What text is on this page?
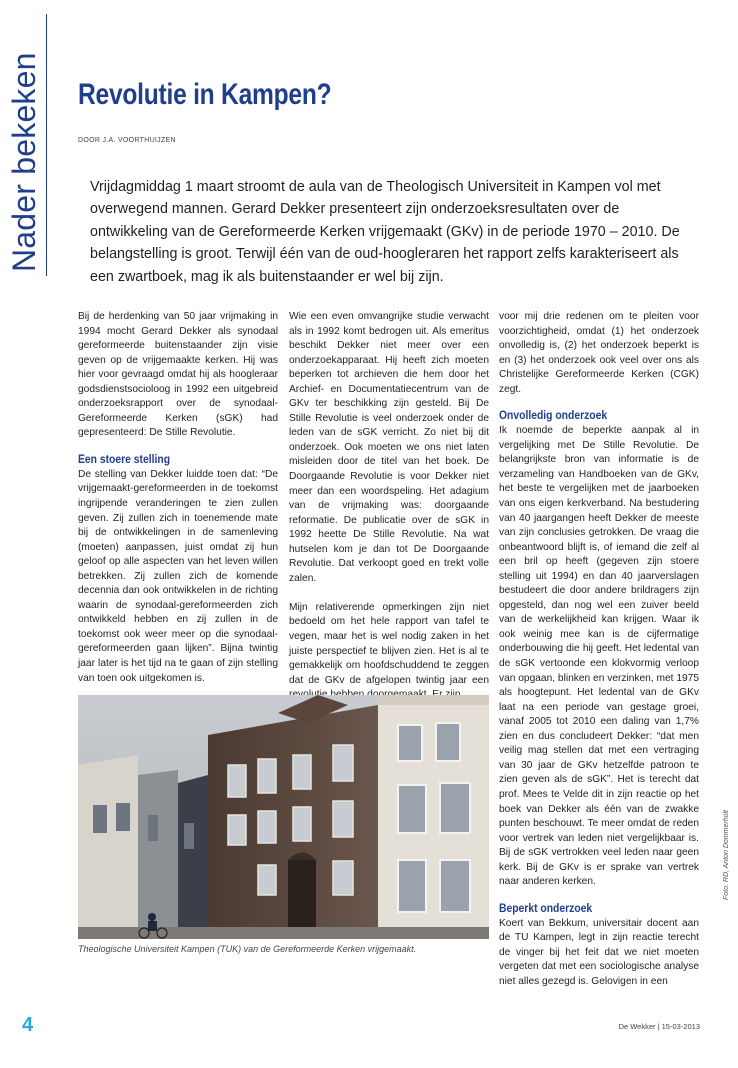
Nader bekeken Revolutie in Kampen?
DOOR J.A. VOORTHUIJZEN

Vrijdagmiddag 1 maart stroomt de aula van de Theologisch Universiteit in Kampen vol met overwegend mannen. Gerard Dekker presenteert zijn onderzoeksresultaten over de ontwikkeling van de Gereformeerde Kerken vrijgemaakt (GKv) in de periode 1970 – 2010. De belangstelling is groot. Terwijl één van de oud-hoogleraren het rapport zelfs karakteriseert als een zwartboek, mag ik als buitenstaander er wel bij zijn.

Bij de herdenking van 50 jaar vrijmaking in 1994 mocht Gerard Dekker als synodaal gereformeerde buitenstaander zijn visie geven op de vrijgemaakte kerken. Hij was hier voor gevraagd omdat hij als hoogleraar godsdienstsocioloog in 1992 een uitgebreid onderzoeksrapport over de synodaal-Gereformeerde Kerken (sGK) had gepresenteerd: De Stille Revolutie.

Een stoere stelling

De stelling van Dekker luidde toen dat: “De vrijgemaakt-gereformeerden in de toekomst ingrijpende veranderingen te zien zullen geven. Zij zullen zich in toenemende mate bij de ontwikkelingen in de samenleving (moeten) aanpassen, juist omdat zij hun geloof op alle aspecten van het leven willen betrekken. Zij zullen zich de komende decennia dan ook ontwikkelen in de richting waarin de synodaal-gereformeerden zich ontwikkeld hebben en zij zullen in de toekomst ook weer meer op die synodaal-gereformeerden gaan lijken”. Bijna twintig jaar later is het tijd na te gaan of zijn stelling van toen ook uitgekomen is.

Wie een even omvangrijke studie verwacht als in 1992 komt bedrogen uit. Als emeritus beschikt Dekker niet meer over een onderzoekapparaat. Hij heeft zich moeten beperken tot archieven die hem door het Archief- en Documentatiecentrum van de GKv ter beschikking zijn gesteld. Bij De Stille Revolutie is veel onderzoek onder de leden van de sGK verricht. Zo niet bij dit onderzoek. Ook moeten we ons niet laten misleiden door de titel van het boek. De Doorgaande Revolutie is voor Dekker niet meer dan een woordspeling. Het adagium van de vrijmaking was: doorgaande reformatie. De publicatie over de sGK in 1992 heette De Stille Revolutie. Na wat hutselen kom je dan tot De Doorgaande Revolutie. Dat verkoopt goed en trekt volle zalen.

Mijn relativerende opmerkingen zijn niet bedoeld om het hele rapport van tafel te vegen, maar het is wel nodig zaken in het juiste perspectief te blijven zien. Het is al te gemakkelijk om hoofdschuddend te zeggen dat de GKv de afgelopen twintig jaar een

voor mij drie redenen om te pleiten voor voorzichtigheid, omdat (1) het onderzoek onvolledig is, (2) het onderzoek beperkt is en (3) het onderzoek ook veel over ons als Christelijke Gereformeerde Kerken (CGK) zegt.

Onvolledig onderzoek

Ik noemde de beperkte aanpak al in vergelijking met De Stille Revolutie. De belangrijkste bron van informatie is de verzameling van Handboeken van de GKv, het beste te vergelijken met de jaarboeken van ons eigen kerkverband. Na bestudering van 40 jaargangen heeft Dekker de meeste van zijn conclusies getrokken. De vraag die onbeantwoord blijft is, of iemand die zelf al een bril op heeft (gegeven zijn stoere stelling uit 1994) en dan 40 jaarverslagen bestudeert die door andere brildragers zijn opgesteld, dan nog wel een zuiver beeld van de werkelijkheid kan krijgen. Waar ik ook weinig mee kan is de cijfermatige onderbouwing die hij geeft. Het ledental van de sGK vertoonde een klokvormig verloop van opgaan, blinken en verzinken, met 1975 als hoogtepunt. Het ledental van de GKv laat na een periode van gestage groei, vanaf 2005 tot 2010 een daling van 1,7% zien en dus concludeert Dekker: “dat men veilig mag stellen dat met een vertraging van 30 jaar de GKv hetzelfde patroon te zien geven als de sGK”. Het is terecht dat prof. Mees te Velde dit in zijn reactie op het boek van Dekker als één van de zwakke punten beschouwt. Te meer omdat de reden voor vertrek van leden niet vergelijkbaar is. Bij de sGK vertrokken veel leden naar geen kerk. Bij de GKv is er sprake van vertrek naar anderen kerken.

Beperkt onderzoek

Koert van Bekkum, universitair docent aan de TU Kampen, legt in zijn reactie terecht de vinger bij het feit dat we niet moeten vergeten dat met een sociologische analyse niet alles gezegd is. Gelovigen in een

Theologische Universiteit Kampen (TUK) van de Gereformeerde Kerken vrijgemaakt.
Foto: RD, Anton Dommerholt
4	De Wekker | 15-03-2013
